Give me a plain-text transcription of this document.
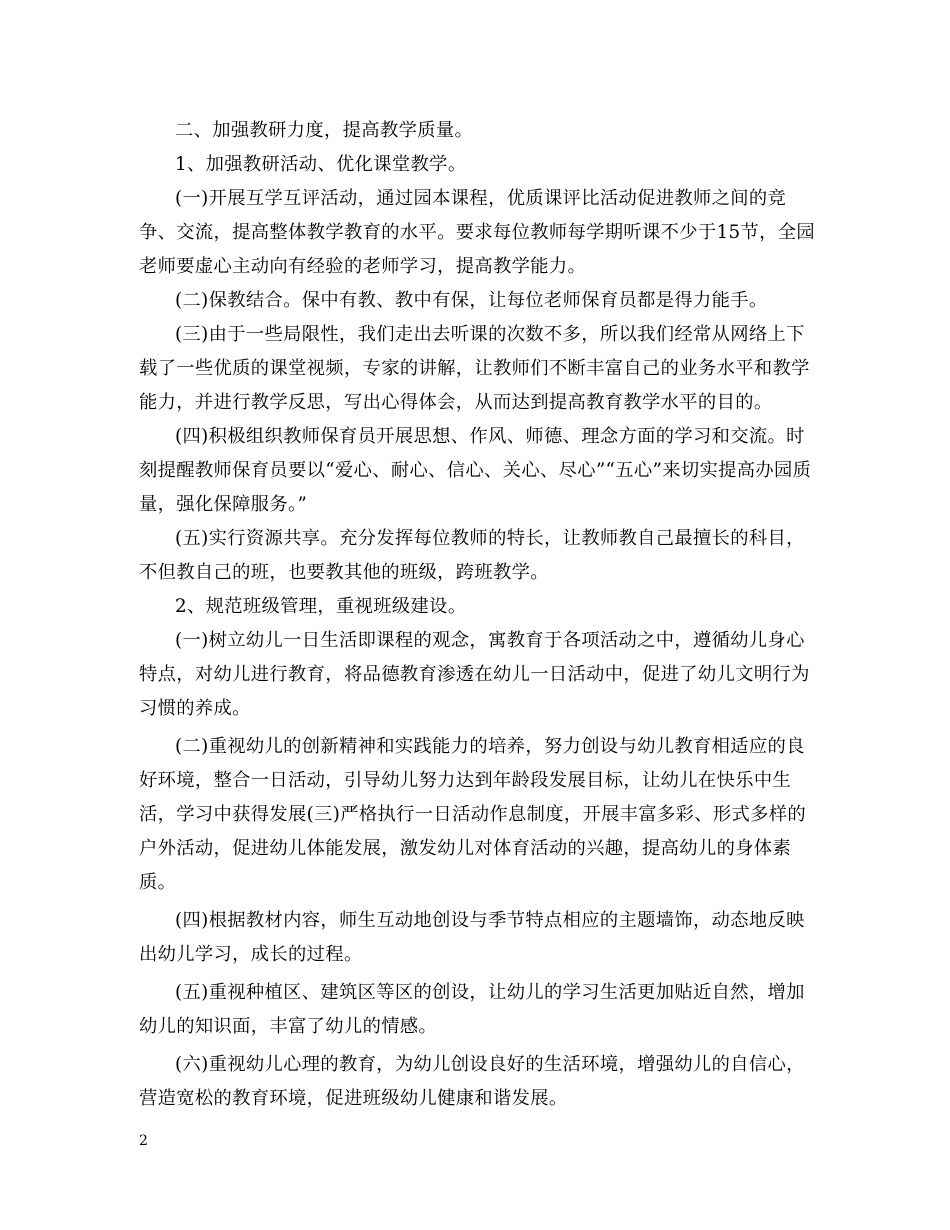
二、加强教研力度，提高教学质量。

1、加强教研活动、优化课堂教学。

(一)开展互学互评活动，通过园本课程，优质课评比活动促进教师之间的竞争、交流，提高整体教学教育的水平。要求每位教师每学期听课不少于15节，全园老师要虚心主动向有经验的老师学习，提高教学能力。

(二)保教结合。保中有教、教中有保，让每位老师保育员都是得力能手。

(三)由于一些局限性，我们走出去听课的次数不多，所以我们经常从网络上下载了一些优质的课堂视频，专家的讲解，让教师们不断丰富自己的业务水平和教学能力，并进行教学反思，写出心得体会，从而达到提高教育教学水平的目的。

(四)积极组织教师保育员开展思想、作风、师德、理念方面的学习和交流。时刻提醒教师保育员要以“爱心、耐心、信心、关心、尽心”“五心”来切实提高办园质量，强化保障服务。”

(五)实行资源共享。充分发挥每位教师的特长，让教师教自己最擅长的科目，不但教自己的班，也要教其他的班级，跨班教学。

2、规范班级管理，重视班级建设。

(一)树立幼儿一日生活即课程的观念，寓教育于各项活动之中，遵循幼儿身心特点，对幼儿进行教育，将品德教育渗透在幼儿一日活动中，促进了幼儿文明行为习惯的养成。

(二)重视幼儿的创新精神和实践能力的培养，努力创设与幼儿教育相适应的良好环境，整合一日活动，引导幼儿努力达到年龄段发展目标，让幼儿在快乐中生活，学习中获得发展(三)严格执行一日活动作息制度，开展丰富多彩、形式多样的户外活动，促进幼儿体能发展，激发幼儿对体育活动的兴趣，提高幼儿的身体素质。

(四)根据教材内容，师生互动地创设与季节特点相应的主题墙饰，动态地反映出幼儿学习，成长的过程。

(五)重视种植区、建筑区等区的创设，让幼儿的学习生活更加贴近自然，增加幼儿的知识面，丰富了幼儿的情感。

(六)重视幼儿心理的教育，为幼儿创设良好的生活环境，增强幼儿的自信心，营造宽松的教育环境，促进班级幼儿健康和谐发展。

2
